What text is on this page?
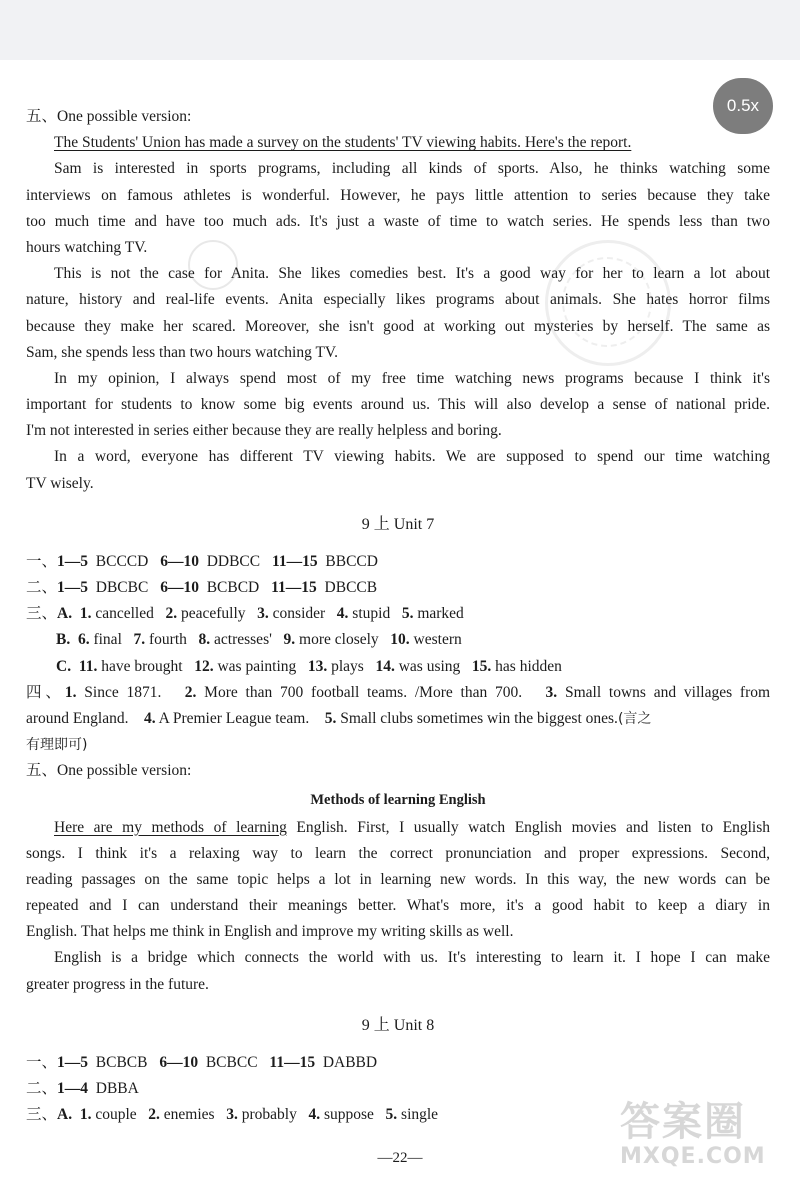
0.5x
五、One possible version:
The Students' Union has made a survey on the students' TV viewing habits. Here's the report.
Sam is interested in sports programs, including all kinds of sports. Also, he thinks watching some
interviews on famous athletes is wonderful. However, he pays little attention to series because they take
too much time and have too much ads. It's just a waste of time to watch series. He spends less than two
hours watching TV.
This is not the case for Anita. She likes comedies best. It's a good way for her to learn a lot about
nature, history and real-life events. Anita especially likes programs about animals. She hates horror films
because they make her scared. Moreover, she isn't good at working out mysteries by herself. The same as
Sam, she spends less than two hours watching TV.
In my opinion, I always spend most of my free time watching news programs because I think it's
important for students to know some big events around us. This will also develop a sense of national pride.
I'm not interested in series either because they are really helpless and boring.
In a word, everyone has different TV viewing habits. We are supposed to spend our time watching
TV wisely.
9 上 Unit 7
一、1—5 BCCCD 6—10 DDBCC 11—15 BBCCD
二、1—5 DBCBC 6—10 BCBCD 11—15 DBCCB
三、A. 1. cancelled 2. peacefully 3. consider 4. stupid 5. marked
B. 6. final 7. fourth 8. actresses' 9. more closely 10. western
C. 11. have brought 12. was painting 13. plays 14. was using 15. has hidden
四、1. Since 1871. 2. More than 700 football teams. /More than 700. 3. Small towns and villages from
around England. 4. A Premier League team. 5. Small clubs sometimes win the biggest ones.(言之
有理即可)
五、One possible version:
Methods of learning English
Here are my methods of learning English. First, I usually watch English movies and listen to English
songs. I think it's a relaxing way to learn the correct pronunciation and proper expressions. Second,
reading passages on the same topic helps a lot in learning new words. In this way, the new words can be
repeated and I can understand their meanings better. What's more, it's a good habit to keep a diary in
English. That helps me think in English and improve my writing skills as well.
English is a bridge which connects the world with us. It's interesting to learn it. I hope I can make
greater progress in the future.
9 上 Unit 8
一、1—5 BCBCB 6—10 BCBCC 11—15 DABBD
二、1—4 DBBA
三、A. 1. couple 2. enemies 3. probably 4. suppose 5. single
—22—
答案圈
MXQE.COM
